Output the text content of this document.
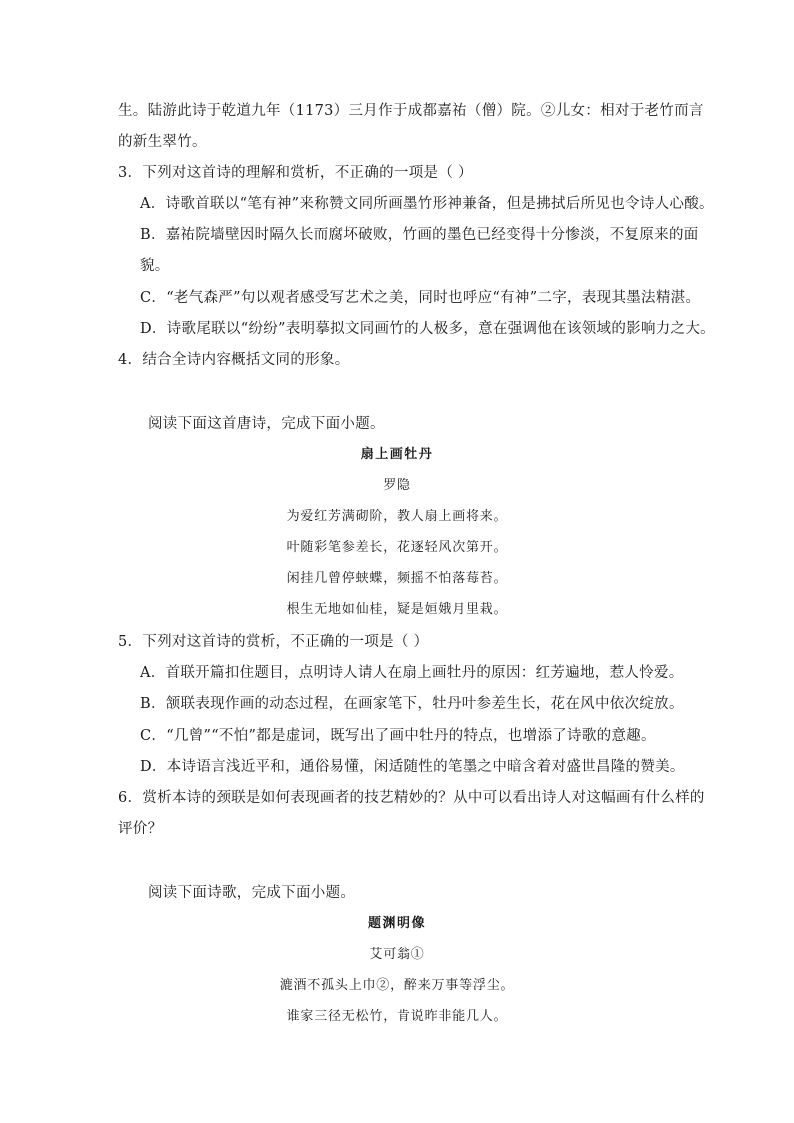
生。陆游此诗于乾道九年（1173）三月作于成都嘉祐（僧）院。②儿女：相对于老竹而言
的新生翠竹。
3．下列对这首诗的理解和赏析，不正确的一项是（ ）
A．诗歌首联以“笔有神”来称赞文同所画墨竹形神兼备，但是拂拭后所见也令诗人心酸。
B．嘉祐院墙壁因时隔久长而腐坏破败，竹画的墨色已经变得十分惨淡，不复原来的面
貌。
C．“老气森严”句以观者感受写艺术之美，同时也呼应“有神”二字，表现其墨法精湛。
D．诗歌尾联以“纷纷”表明摹拟文同画竹的人极多，意在强调他在该领域的影响力之大。
4．结合全诗内容概括文同的形象。
阅读下面这首唐诗，完成下面小题。
扇上画牡丹
罗隐
为爱红芳满砌阶，教人扇上画将来。
叶随彩笔参差长，花逐轻风次第开。
闲挂几曾停蛱蝶，频摇不怕落莓苔。
根生无地如仙桂，疑是姮娥月里栽。
5．下列对这首诗的赏析，不正确的一项是（ ）
A．首联开篇扣住题目，点明诗人请人在扇上画牡丹的原因：红芳遍地，惹人怜爱。
B．颔联表现作画的动态过程，在画家笔下，牡丹叶参差生长，花在风中依次绽放。
C．“几曾”“不怕”都是虚词，既写出了画中牡丹的特点，也增添了诗歌的意趣。
D．本诗语言浅近平和，通俗易懂，闲适随性的笔墨之中暗含着对盛世昌隆的赞美。
6．赏析本诗的颈联是如何表现画者的技艺精妙的？从中可以看出诗人对这幅画有什么样的
评价？
阅读下面诗歌，完成下面小题。
题渊明像
艾可翁①
漉酒不孤头上巾②，醉来万事等浮尘。
谁家三径无松竹，肯说昨非能几人。
